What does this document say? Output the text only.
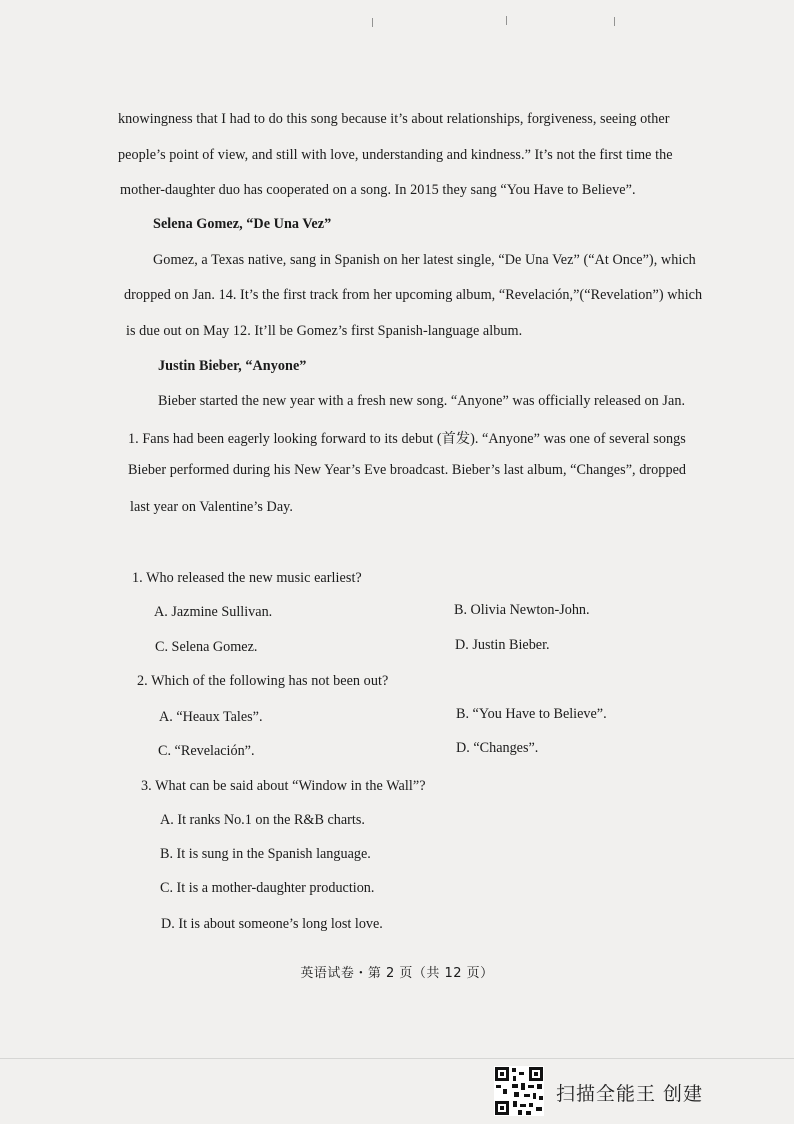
knowingness that I had to do this song because it’s about relationships, forgiveness, seeing other
people’s point of view, and still with love, understanding and kindness.” It’s not the first time the
mother-daughter duo has cooperated on a song. In 2015 they sang “You Have to Believe”.
Selena Gomez, “De Una Vez”
Gomez, a Texas native, sang in Spanish on her latest single, “De Una Vez” (“At Once”), which
dropped on Jan. 14. It’s the first track from her upcoming album, “Revelación,”(“Revelation”) which
is due out on May 12. It’ll be Gomez’s first Spanish-language album.
Justin Bieber, “Anyone”
Bieber started the new year with a fresh new song. “Anyone” was officially released on Jan.
1. Fans had been eagerly looking forward to its debut (首发). “Anyone” was one of several songs
Bieber performed during his New Year’s Eve broadcast. Bieber’s last album, “Changes”, dropped
last year on Valentine’s Day.
1. Who released the new music earliest?
A. Jazmine Sullivan.	B. Olivia Newton-John.
C. Selena Gomez.	D. Justin Bieber.
2. Which of the following has not been out?
A. “Heaux Tales”.	B. “You Have to Believe”.
C. “Revelación”.	D. “Changes”.
3. What can be said about “Window in the Wall”?
A. It ranks No.1 on the R&B charts.
B. It is sung in the Spanish language.
C. It is a mother-daughter production.
D. It is about someone’s long lost love.
英语试卷・第 2 页（共 12 页）
扫描全能王 创建
